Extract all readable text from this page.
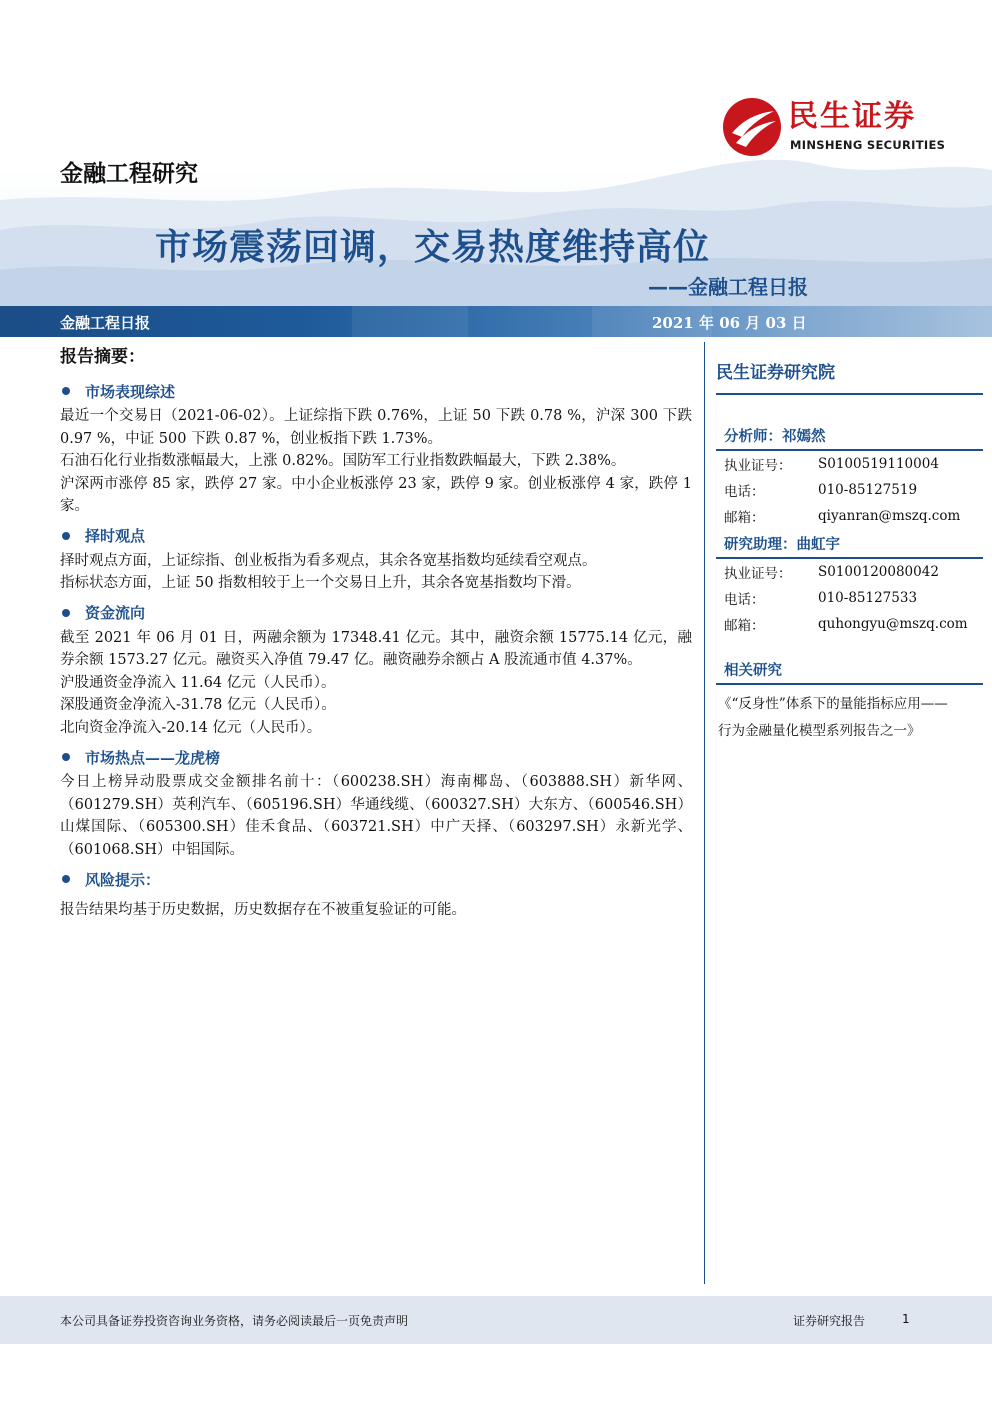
民生证券
MINSHENG SECURITIES
金融工程研究
市场震荡回调，交易热度维持高位
——金融工程日报
金融工程日报	2021 年 06 月 03 日
报告摘要：
市场表现综述

最近一个交易日（2021-06-02）。上证综指下跌 0.76%，上证 50 下跌 0.78 %，沪深 300 下跌 0.97 %，中证 500 下跌 0.87 %，创业板指下跌 1.73%。

石油石化行业指数涨幅最大，上涨 0.82%。国防军工行业指数跌幅最大，下跌 2.38%。

沪深两市涨停 85 家，跌停 27 家。中小企业板涨停 23 家，跌停 9 家。创业板涨停 4 家，跌停 1 家。

择时观点

择时观点方面，上证综指、创业板指为看多观点，其余各宽基指数均延续看空观点。

指标状态方面，上证 50 指数相较于上一个交易日上升，其余各宽基指数均下滑。

资金流向

截至 2021 年 06 月 01 日，两融余额为 17348.41 亿元。其中，融资余额 15775.14 亿元，融券余额 1573.27 亿元。融资买入净值 79.47 亿。融资融券余额占 A 股流通市值 4.37%。

沪股通资金净流入 11.64 亿元（人民币）。

深股通资金净流入-31.78 亿元（人民币）。

北向资金净流入-20.14 亿元（人民币）。

市场热点——龙虎榜

今日上榜异动股票成交金额排名前十：（600238.SH）海南椰岛、（603888.SH）新华网、（601279.SH）英利汽车、（605196.SH）华通线缆、（600327.SH）大东方、（600546.SH）山煤国际、（605300.SH）佳禾食品、（603721.SH）中广天择、（603297.SH）永新光学、（601068.SH）中铝国际。

风险提示：

报告结果均基于历史数据，历史数据存在不被重复验证的可能。

民生证券研究院
分析师：祁嫣然
执业证号：	S0100519110004
电话：	010-85127519
邮箱：	qiyanran@mszq.com
研究助理：曲虹宇
执业证号：	S0100120080042
电话：	010-85127533
邮箱：	quhongyu@mszq.com
相关研究
《“反身性”体系下的量能指标应用——
行为金融量化模型系列报告之一》
本公司具备证券投资咨询业务资格，请务必阅读最后一页免责声明	证券研究报告	1
